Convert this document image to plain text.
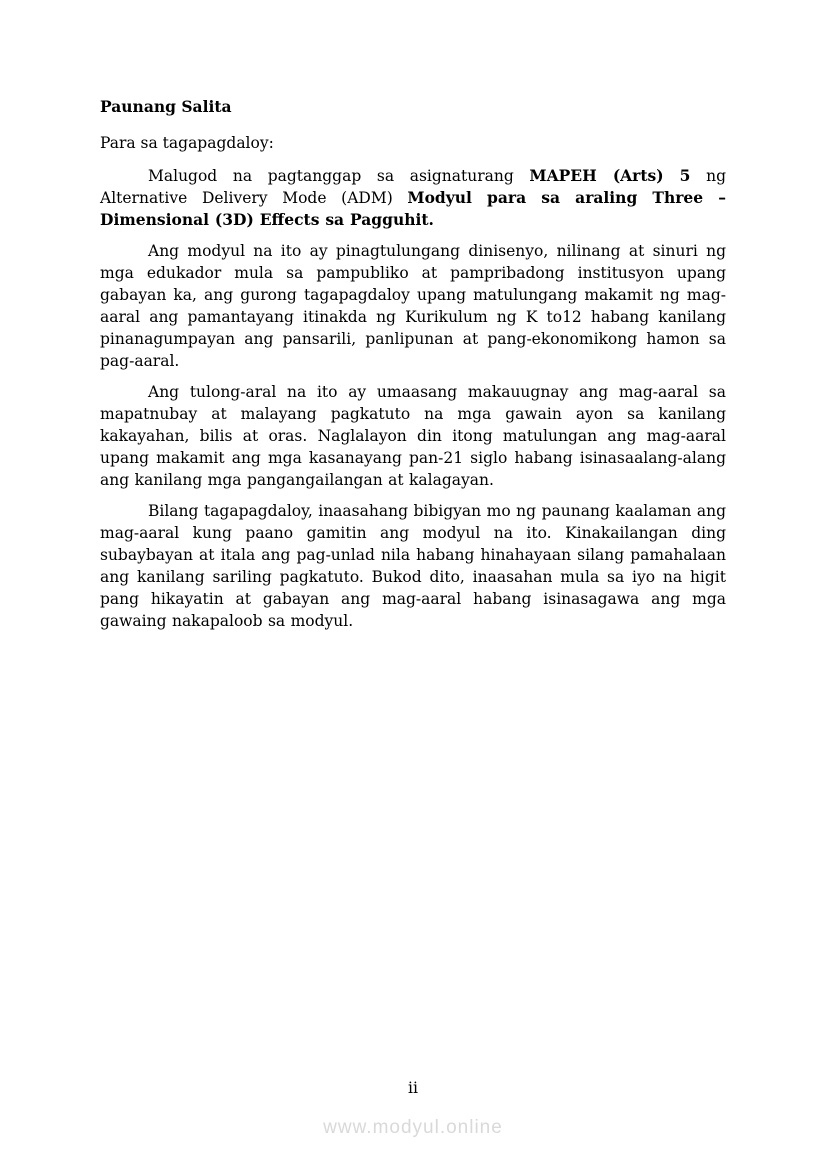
Paunang Salita
Para sa tagapagdaloy:

Malugod na pagtanggap sa asignaturang MAPEH (Arts) 5 ng Alternative Delivery Mode (ADM) Modyul para sa araling Three – Dimensional (3D) Effects sa Pagguhit.

Ang modyul na ito ay pinagtulungang dinisenyo, nilinang at sinuri ng mga edukador mula sa pampubliko at pampribadong institusyon upang gabayan ka, ang gurong tagapagdaloy upang matulungang makamit ng mag-aaral ang pamantayang itinakda ng Kurikulum ng K to12 habang kanilang pinanagumpayan ang pansarili, panlipunan at pang-ekonomikong hamon sa pag-aaral.

Ang tulong-aral na ito ay umaasang makauugnay ang mag-aaral sa mapatnubay at malayang pagkatuto na mga gawain ayon sa kanilang kakayahan, bilis at oras. Naglalayon din itong matulungan ang mag-aaral upang makamit ang mga kasanayang pan-21 siglo habang isinasaalang-alang ang kanilang mga pangangailangan at kalagayan.

Bilang tagapagdaloy, inaasahang bibigyan mo ng paunang kaalaman ang mag-aaral kung paano gamitin ang modyul na ito. Kinakailangan ding subaybayan at itala ang pag-unlad nila habang hinahayaan silang pamahalaan ang kanilang sariling pagkatuto. Bukod dito, inaasahan mula sa iyo na higit pang hikayatin at gabayan ang mag-aaral habang isinasagawa ang mga gawaing nakapaloob sa modyul.

ii
www.modyul.online
